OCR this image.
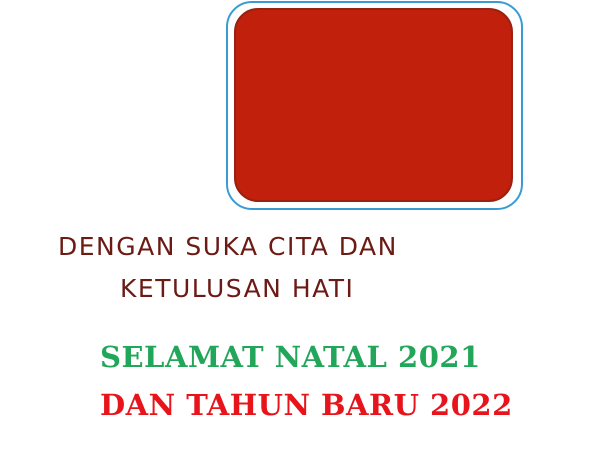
DENGAN SUKA CITA DAN

KETULUSAN HATI

SELAMAT NATAL 2021

DAN TAHUN BARU 2022
